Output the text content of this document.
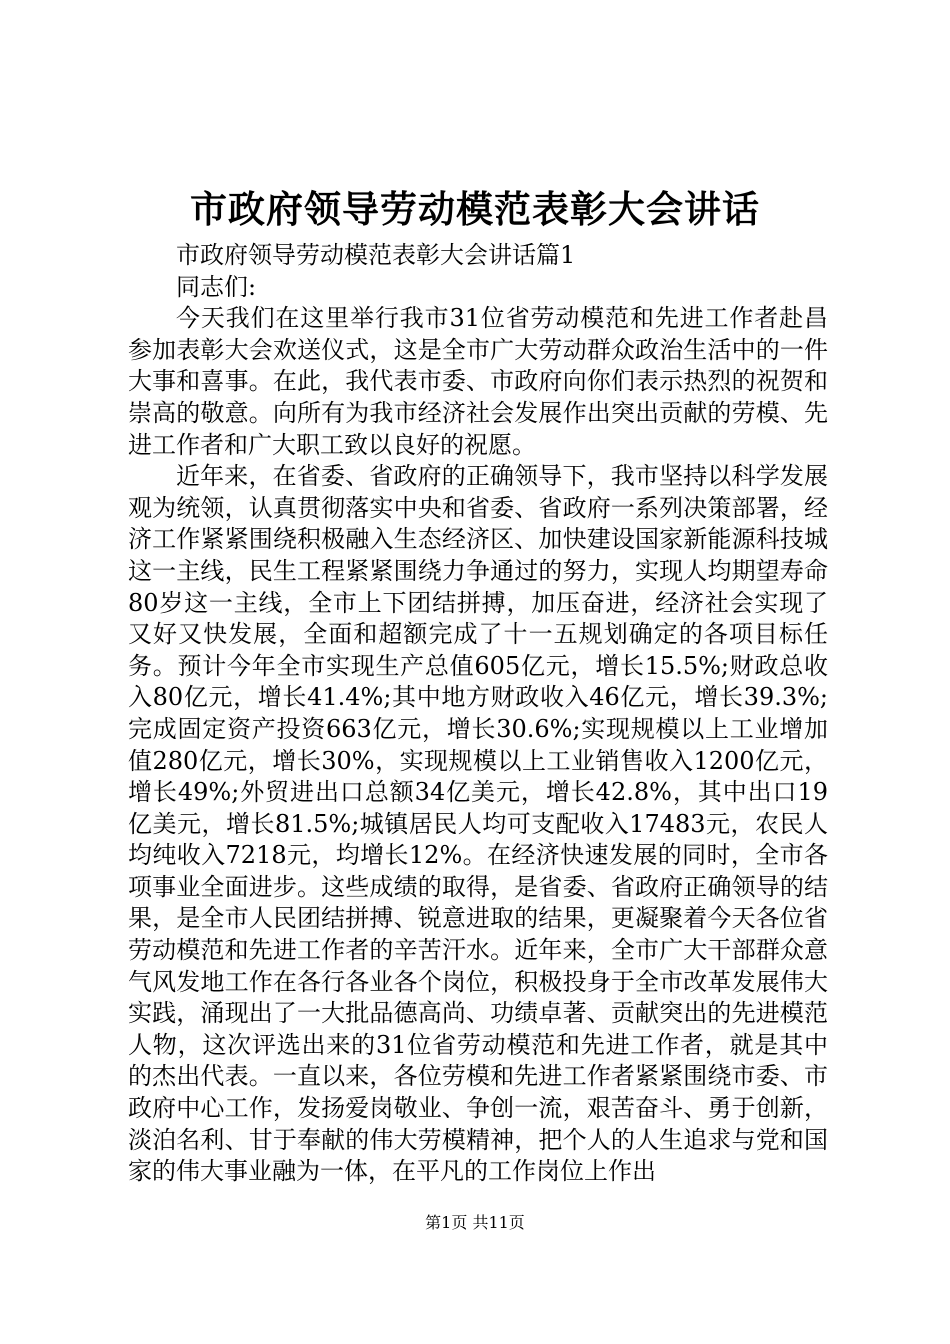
市政府领导劳动模范表彰大会讲话

市政府领导劳动模范表彰大会讲话篇1

同志们:

今天我们在这里举行我市31位省劳动模范和先进工作者赴昌参加表彰大会欢送仪式，这是全市广大劳动群众政治生活中的一件大事和喜事。在此，我代表市委、市政府向你们表示热烈的祝贺和崇高的敬意。向所有为我市经济社会发展作出突出贡献的劳模、先进工作者和广大职工致以良好的祝愿。

近年来，在省委、省政府的正确领导下，我市坚持以科学发展观为统领，认真贯彻落实中央和省委、省政府一系列决策部署，经济工作紧紧围绕积极融入生态经济区、加快建设国家新能源科技城这一主线，民生工程紧紧围绕力争通过的努力，实现人均期望寿命80岁这一主线，全市上下团结拼搏，加压奋进，经济社会实现了又好又快发展，全面和超额完成了十一五规划确定的各项目标任务。预计今年全市实现生产总值605亿元，增长15.5%;财政总收入80亿元，增长41.4%;其中地方财政收入46亿元，增长39.3%;完成固定资产投资663亿元，增长30.6%;实现规模以上工业增加值280亿元，增长30%，实现规模以上工业销售收入1200亿元，增长49%;外贸进出口总额34亿美元，增长42.8%，其中出口19亿美元，增长81.5%;城镇居民人均可支配收入17483元，农民人均纯收入7218元，均增长12%。在经济快速发展的同时，全市各项事业全面进步。这些成绩的取得，是省委、省政府正确领导的结果，是全市人民团结拼搏、锐意进取的结果，更凝聚着今天各位省劳动模范和先进工作者的辛苦汗水。近年来，全市广大干部群众意气风发地工作在各行各业各个岗位，积极投身于全市改革发展伟大实践，涌现出了一大批品德高尚、功绩卓著、贡献突出的先进模范人物，这次评选出来的31位省劳动模范和先进工作者，就是其中的杰出代表。一直以来，各位劳模和先进工作者紧紧围绕市委、市政府中心工作，发扬爱岗敬业、争创一流，艰苦奋斗、勇于创新，淡泊名利、甘于奉献的伟大劳模精神，把个人的人生追求与党和国家的伟大事业融为一体，在平凡的工作岗位上作出

第1页 共11页
